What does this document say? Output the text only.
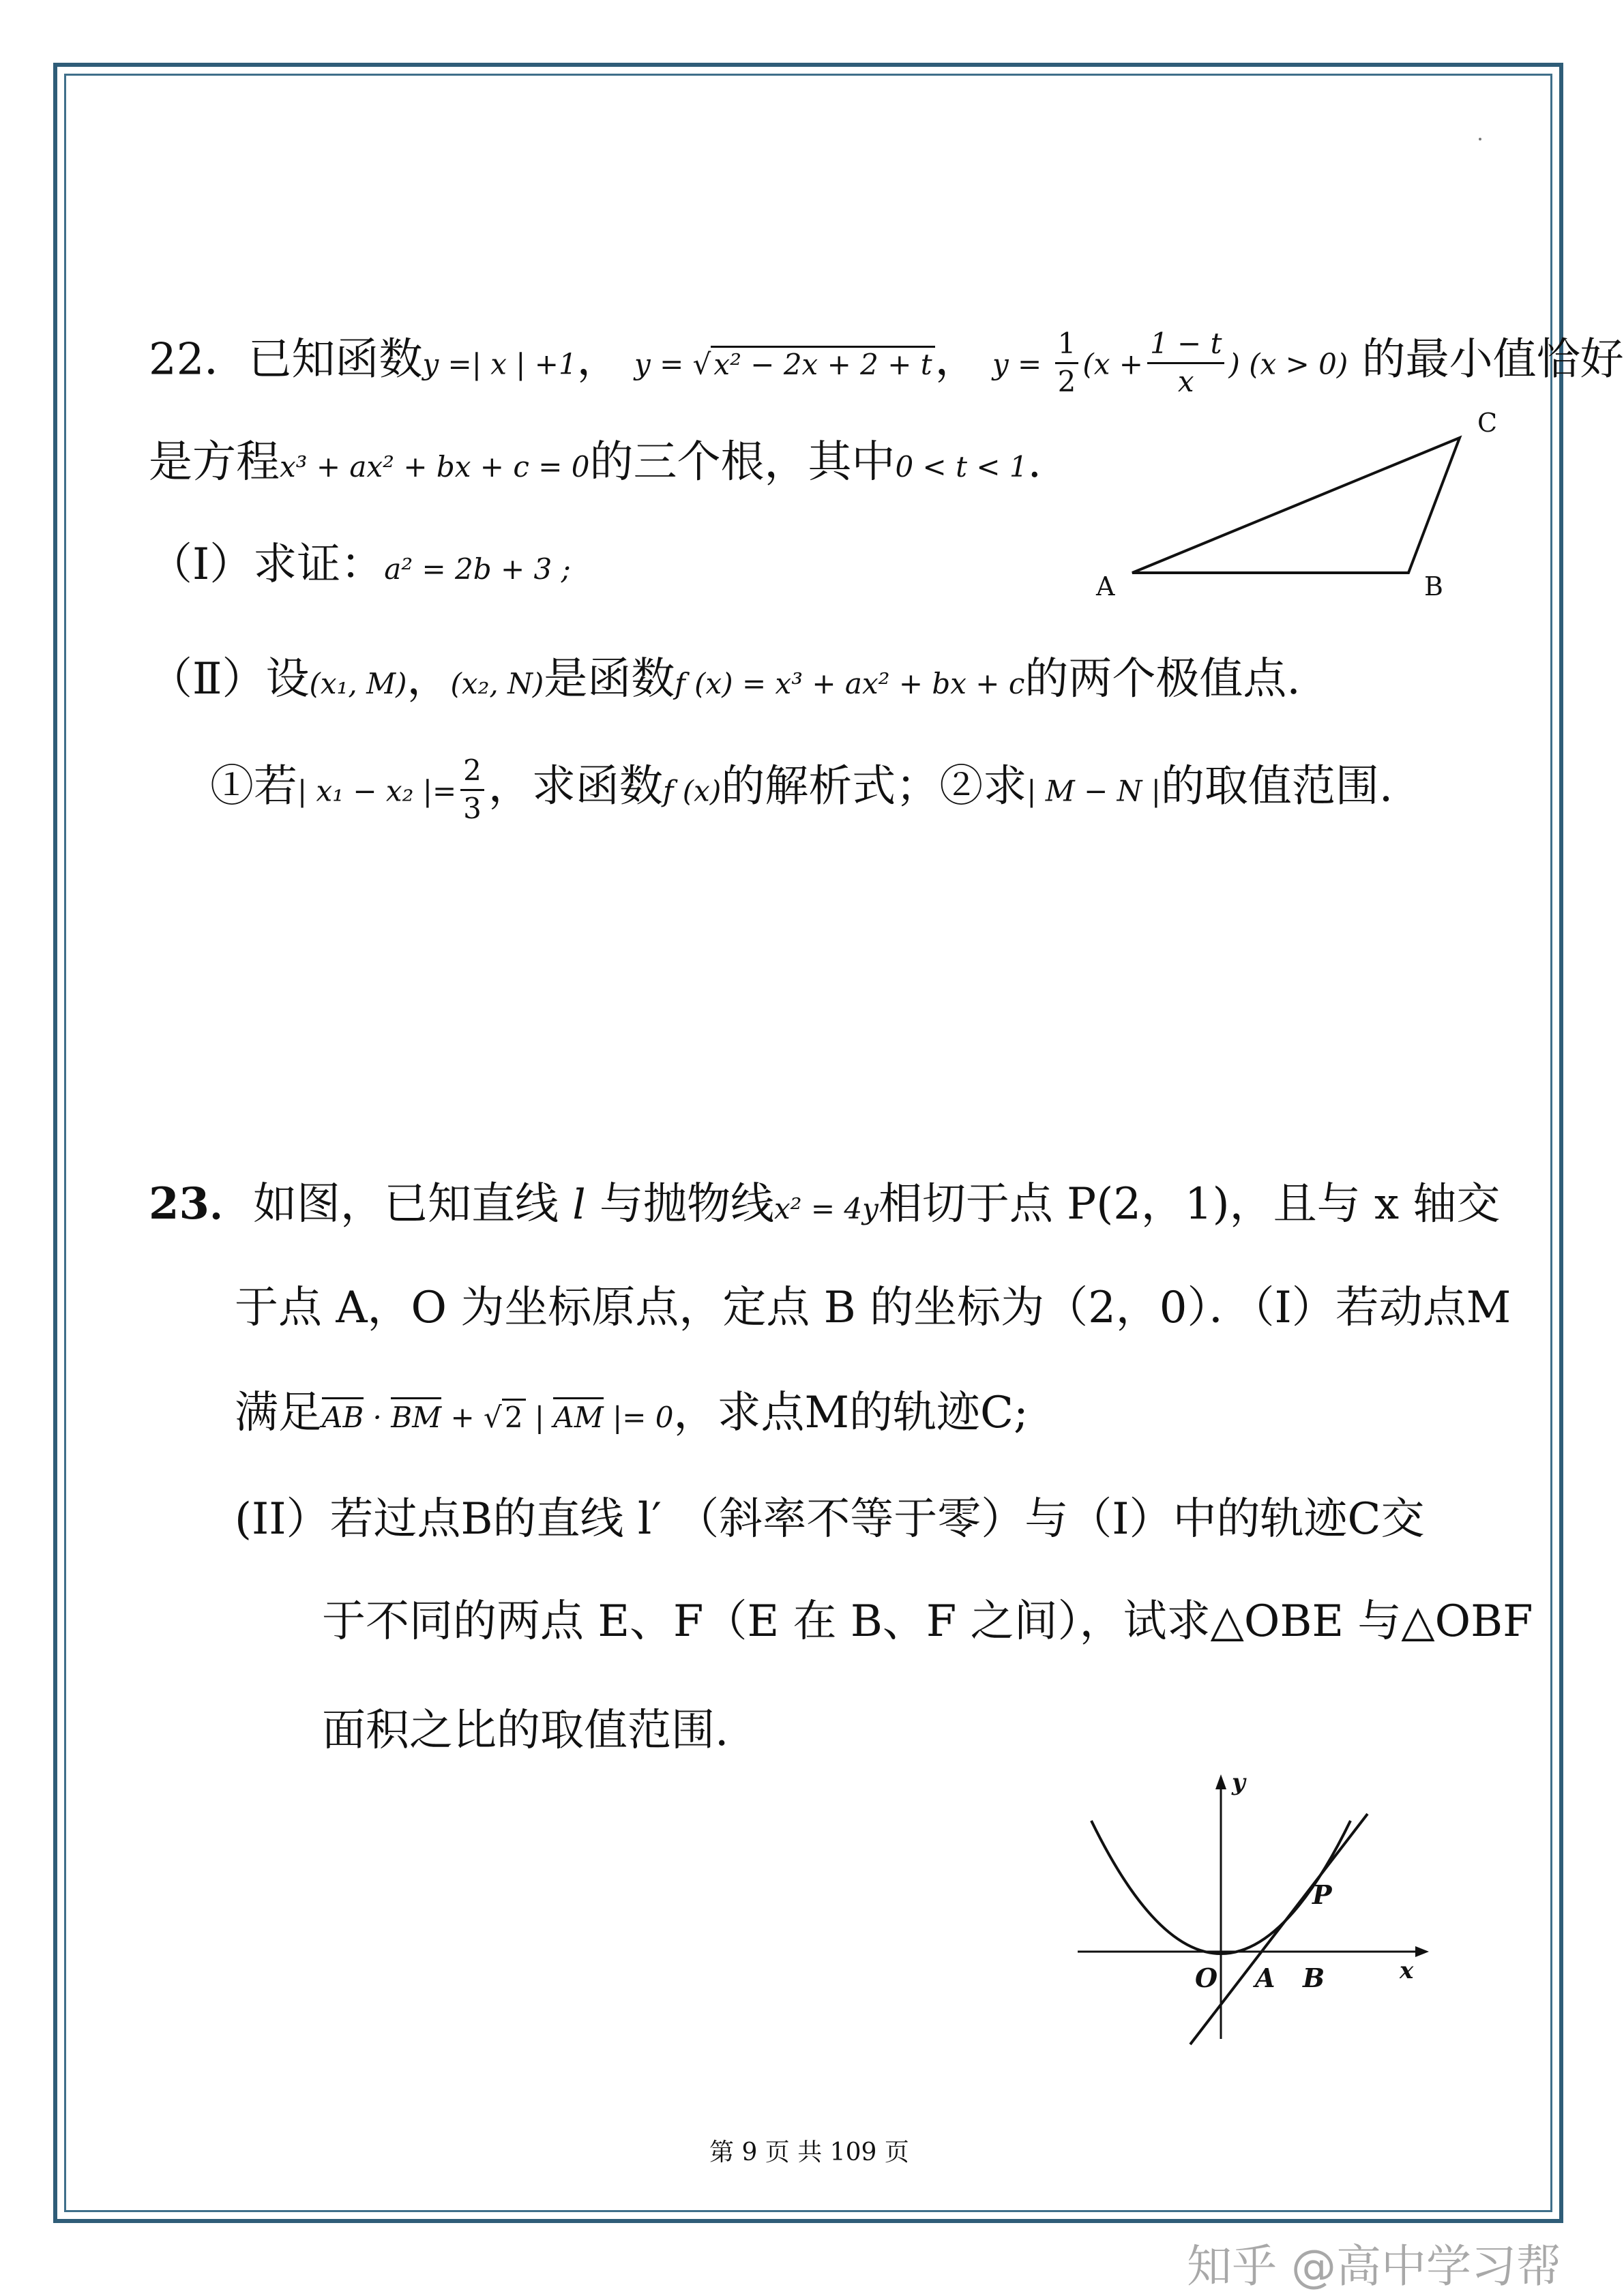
22．已知函数y =| x | +1， y = √x² − 2x + 2 + t， $y = \frac{1}{2} (x + \frac{1 - t}{x}$ ) (x > 0) 的最小值恰好
是方程x³ + ax² + bx + c = 0的三个根，其中0 < t < 1.
（Ⅰ）求证：a² = 2b + 3 ;
（Ⅱ）设(x₁, M)，(x₂, N)是函数f (x) = x³ + ax² + bx + c的两个极值点.
①若| x₁ − x₂ |= $\frac{2}{3}$ ，求函数f (x)的解析式；②求| M − N |的取值范围.
A	B
C
23．如图，已知直线 l 与抛物线x² = 4y相切于点 P(2，1)，且与 x 轴交
于点 A，O 为坐标原点，定点 B 的坐标为（2，0）．（I）若动点M
满足AB · BM + √2 | AM |= 0，求点M的轨迹C;
(II）若过点B的直线 l′ （斜率不等于零）与（I）中的轨迹C交
于不同的两点 E、F（E 在 B、F 之间），试求△OBE 与△OBF
面积之比的取值范围.
y
x
O A B
P
第 9 页 共 109 页
知乎 @高中学习帮
